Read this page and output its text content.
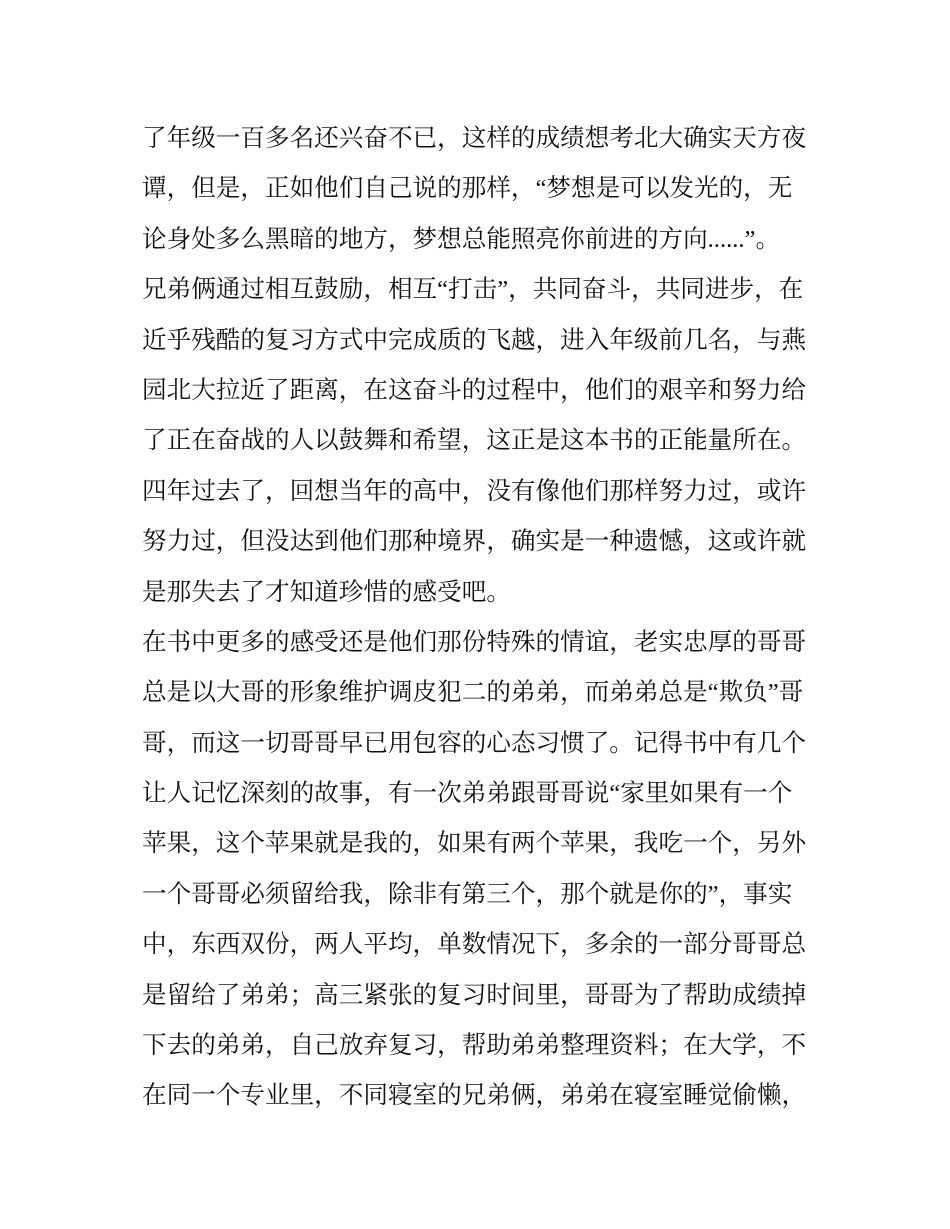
了年级一百多名还兴奋不已，这样的成绩想考北大确实天方夜
谭，但是，正如他们自己说的那样，“梦想是可以发光的，无
论身处多么黑暗的地方，梦想总能照亮你前进的方向......”。
兄弟俩通过相互鼓励，相互“打击”，共同奋斗，共同进步，在
近乎残酷的复习方式中完成质的飞越，进入年级前几名，与燕
园北大拉近了距离，在这奋斗的过程中，他们的艰辛和努力给
了正在奋战的人以鼓舞和希望，这正是这本书的正能量所在。
四年过去了，回想当年的高中，没有像他们那样努力过，或许
努力过，但没达到他们那种境界，确实是一种遗憾，这或许就
是那失去了才知道珍惜的感受吧。
在书中更多的感受还是他们那份特殊的情谊，老实忠厚的哥哥
总是以大哥的形象维护调皮犯二的弟弟，而弟弟总是“欺负”哥
哥，而这一切哥哥早已用包容的心态习惯了。记得书中有几个
让人记忆深刻的故事，有一次弟弟跟哥哥说“家里如果有一个
苹果，这个苹果就是我的，如果有两个苹果，我吃一个，另外
一个哥哥必须留给我，除非有第三个，那个就是你的”，事实
中，东西双份，两人平均，单数情况下，多余的一部分哥哥总
是留给了弟弟；高三紧张的复习时间里，哥哥为了帮助成绩掉
下去的弟弟，自己放弃复习，帮助弟弟整理资料；在大学，不
在同一个专业里，不同寝室的兄弟俩，弟弟在寝室睡觉偷懒，
